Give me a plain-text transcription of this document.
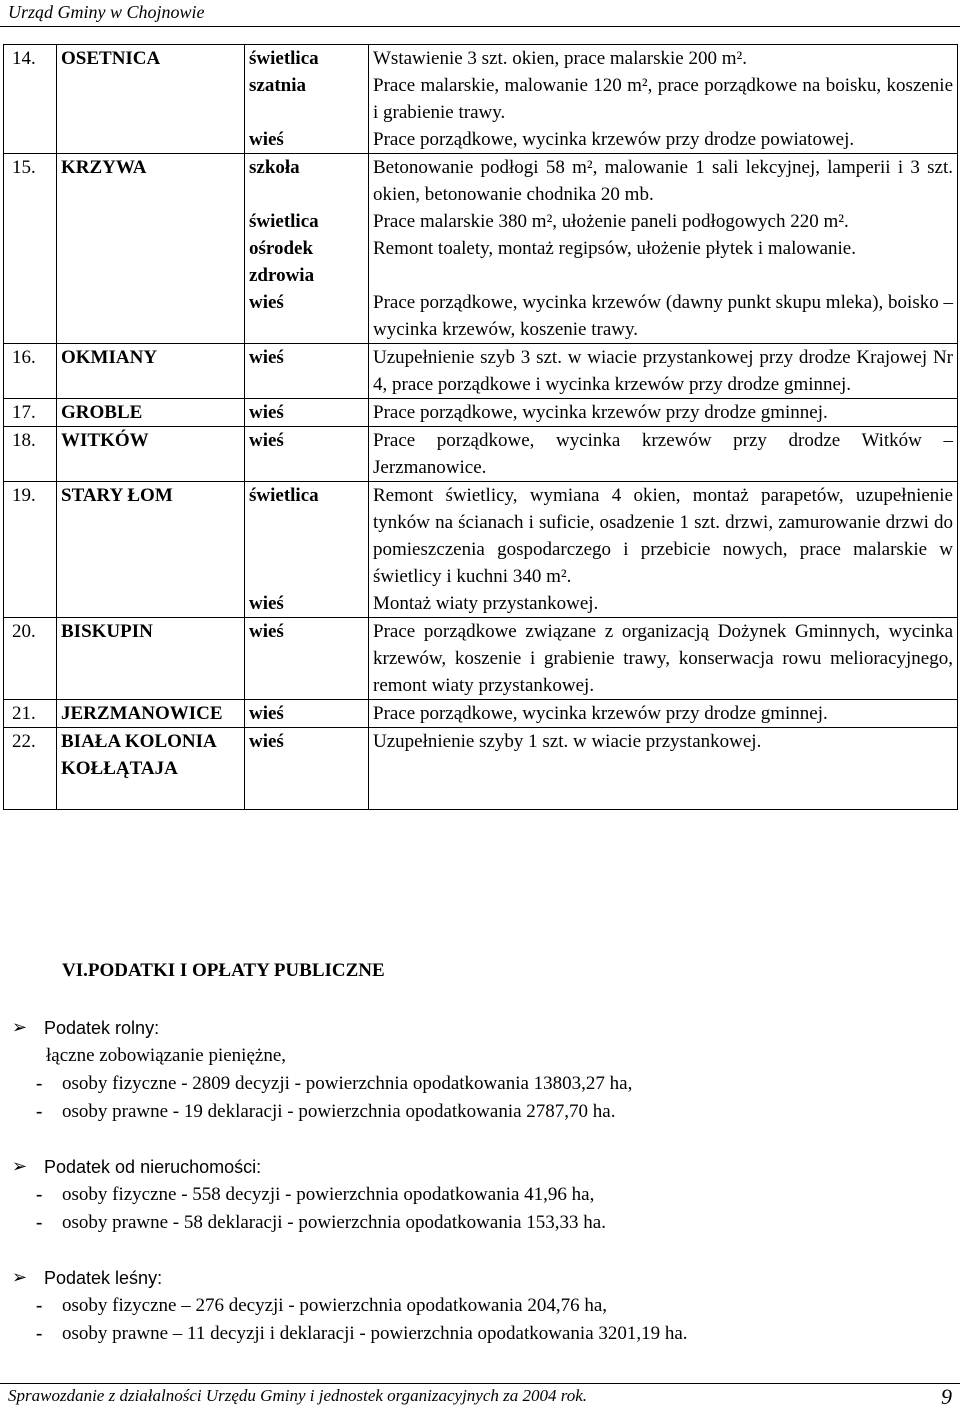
Urząd Gminy w Chojnowie
14.	OSETNICA	świetlica	Wstawienie 3 szt. okien, prace malarskie 200 m².
		szatnia	Prace malarskie, malowanie 120 m², prace porządkowe na boisku, koszenie i grabienie trawy.
		wieś	Prace porządkowe, wycinka krzewów przy drodze powiatowej.
15.	KRZYWA	szkoła	Betonowanie podłogi 58 m², malowanie 1 sali lekcyjnej, lamperii i 3 szt. okien, betonowanie chodnika 20 mb.
		świetlica	Prace malarskie 380 m², ułożenie paneli podłogowych 220 m².
		ośrodek zdrowia	Remont toalety, montaż regipsów, ułożenie płytek i malowanie.
		wieś	Prace porządkowe, wycinka krzewów (dawny punkt skupu mleka), boisko – wycinka krzewów, koszenie trawy.
16.	OKMIANY	wieś	Uzupełnienie szyb 3 szt. w wiacie przystankowej przy drodze Krajowej Nr 4, prace porządkowe i wycinka krzewów przy drodze gminnej.
17.	GROBLE	wieś	Prace porządkowe, wycinka krzewów przy drodze gminnej.
18.	WITKÓW	wieś	Prace porządkowe, wycinka krzewów przy drodze Witków – Jerzmanowice.
19.	STARY ŁOM	świetlica	Remont świetlicy, wymiana 4 okien, montaż parapetów, uzupełnienie tynków na ścianach i suficie, osadzenie 1 szt. drzwi, zamurowanie drzwi do pomieszczenia gospodarczego i przebicie nowych, prace malarskie w świetlicy i kuchni 340 m².
		wieś	Montaż wiaty przystankowej.
20.	BISKUPIN	wieś	Prace porządkowe związane z organizacją Dożynek Gminnych, wycinka krzewów, koszenie i grabienie trawy, konserwacja rowu melioracyjnego, remont wiaty przystankowej.
21.	JERZMANOWICE	wieś	Prace porządkowe, wycinka krzewów przy drodze gminnej.
22.	BIAŁA KOLONIA KOŁŁĄTAJA	wieś	Uzupełnienie szyby 1 szt. w wiacie przystankowej.
VI.PODATKI I OPŁATY PUBLICZNE
➢ Podatek rolny:
łączne zobowiązanie pieniężne,
-	osoby fizyczne - 2809 decyzji - powierzchnia opodatkowania 13803,27 ha,
-	osoby prawne - 19 deklaracji - powierzchnia opodatkowania 2787,70 ha.
➢ Podatek od nieruchomości:
-	osoby fizyczne - 558 decyzji - powierzchnia opodatkowania 41,96 ha,
-	osoby prawne - 58 deklaracji - powierzchnia opodatkowania 153,33 ha.
➢ Podatek leśny:
-	osoby fizyczne – 276 decyzji - powierzchnia opodatkowania 204,76 ha,
-	osoby prawne – 11 decyzji i deklaracji - powierzchnia opodatkowania 3201,19 ha.
Sprawozdanie z działalności Urzędu Gminy i jednostek organizacyjnych za 2004 rok.	9
